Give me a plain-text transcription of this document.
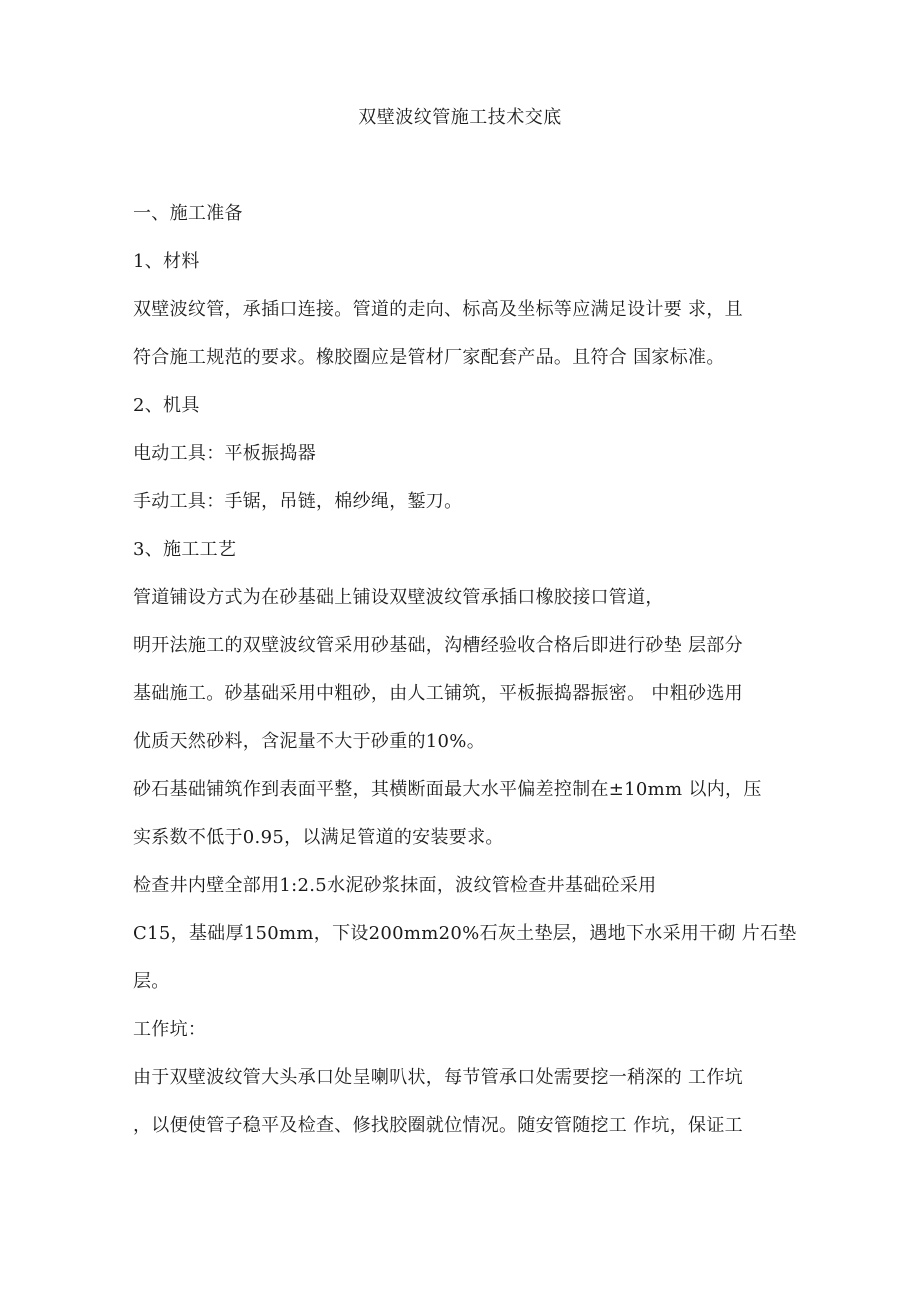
双壁波纹管施工技术交底

一、施工准备

1、材料

双壁波纹管，承插口连接。管道的走向、标高及坐标等应满足设计要 求，且

符合施工规范的要求。橡胶圈应是管材厂家配套产品。且符合 国家标准。

2、机具

电动工具：平板振捣器

手动工具：手锯，吊链，棉纱绳，錾刀。

3、施工工艺

管道铺设方式为在砂基础上铺设双壁波纹管承插口橡胶接口管道，

明开法施工的双壁波纹管采用砂基础，沟槽经验收合格后即进行砂垫 层部分

基础施工。砂基础采用中粗砂，由人工铺筑，平板振捣器振密。 中粗砂选用

优质天然砂料，含泥量不大于砂重的10%。

砂石基础铺筑作到表面平整，其横断面最大水平偏差控制在±10mm 以内，压

实系数不低于0.95，以满足管道的安装要求。

检查井内壁全部用1:2.5水泥砂浆抹面，波纹管检查井基础砼采用

C15，基础厚150mm，下设200mm20%石灰土垫层，遇地下水采用干砌 片石垫

层。

工作坑：

由于双壁波纹管大头承口处呈喇叭状，每节管承口处需要挖一稍深的 工作坑

，以便使管子稳平及检查、修找胶圈就位情况。随安管随挖工 作坑，保证工
